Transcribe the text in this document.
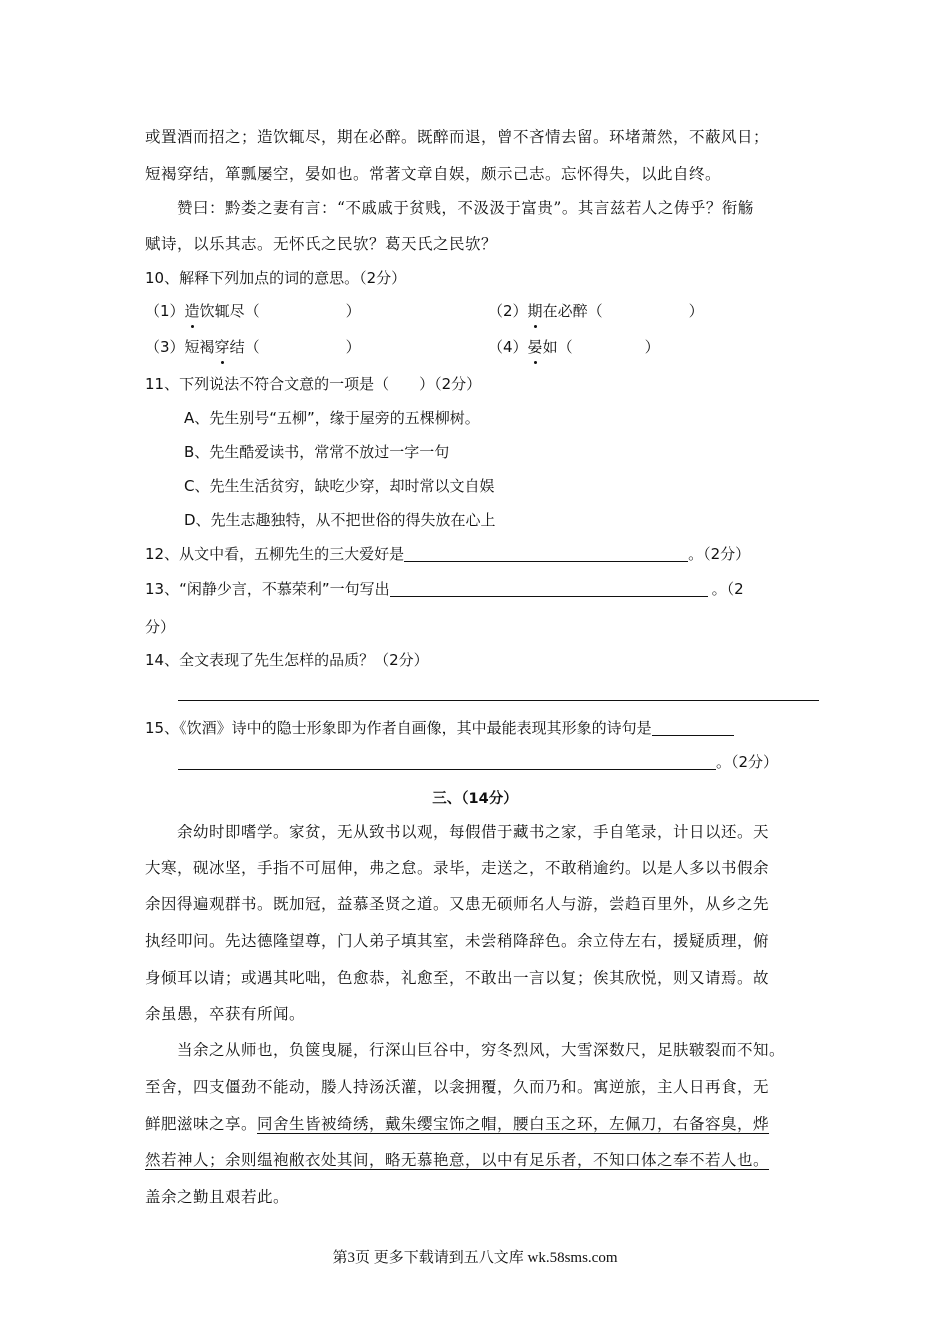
或置酒而招之；造饮辄尽，期在必醉。既醉而退，曾不吝情去留。环堵萧然，不蔽风日；
短褐穿结，箪瓢屡空，晏如也。常著文章自娱，颇示己志。忘怀得失，以此自终。
赞曰：黔娄之妻有言：“不戚戚于贫贱，不汲汲于富贵”。其言兹若人之俦乎？衔觞
赋诗，以乐其志。无怀氏之民欤？葛天氏之民欤？
10、解释下列加点的词的意思。（2分）
（1）造饮辄尽（	）	（2）期在必醉（	）
（3）短褐穿结（	）	（4）晏如（	）
11、下列说法不符合文意的一项是（　　）（2分）
A、先生别号“五柳”，缘于屋旁的五棵柳树。
B、先生酷爱读书，常常不放过一字一句
C、先生生活贫穷，缺吃少穿，却时常以文自娱
D、先生志趣独特，从不把世俗的得失放在心上
12、从文中看，五柳先生的三大爱好是	。（2分）
13、“闲静少言，不慕荣利”一句写出	。（2
分）
14、全文表现了先生怎样的品质？（2分）
15、《饮酒》诗中的隐士形象即为作者自画像，其中最能表现其形象的诗句是
。（2分）
三、（14分）
余幼时即嗜学。家贫，无从致书以观，每假借于藏书之家，手自笔录，计日以还。天
大寒，砚冰坚，手指不可屈伸，弗之怠。录毕，走送之，不敢稍逾约。以是人多以书假余
余因得遍观群书。既加冠，益慕圣贤之道。又患无硕师名人与游，尝趋百里外，从乡之先
执经叩问。先达德隆望尊，门人弟子填其室，未尝稍降辞色。余立侍左右，援疑质理，俯
身倾耳以请；或遇其叱咄，色愈恭，礼愈至，不敢出一言以复；俟其欣悦，则又请焉。故
余虽愚，卒获有所闻。
当余之从师也，负箧曳屣，行深山巨谷中，穷冬烈风，大雪深数尺，足肤皲裂而不知。
至舍，四支僵劲不能动，媵人持汤沃灌，以衾拥覆，久而乃和。寓逆旅，主人日再食，无
鲜肥滋味之享。同舍生皆被绮绣，戴朱缨宝饰之帽，腰白玉之环，左佩刀，右备容臭，烨
然若神人；余则缊袍敝衣处其间，略无慕艳意，以中有足乐者，不知口体之奉不若人也。
盖余之勤且艰若此。
第3页 更多下载请到五八文库 wk.58sms.com
